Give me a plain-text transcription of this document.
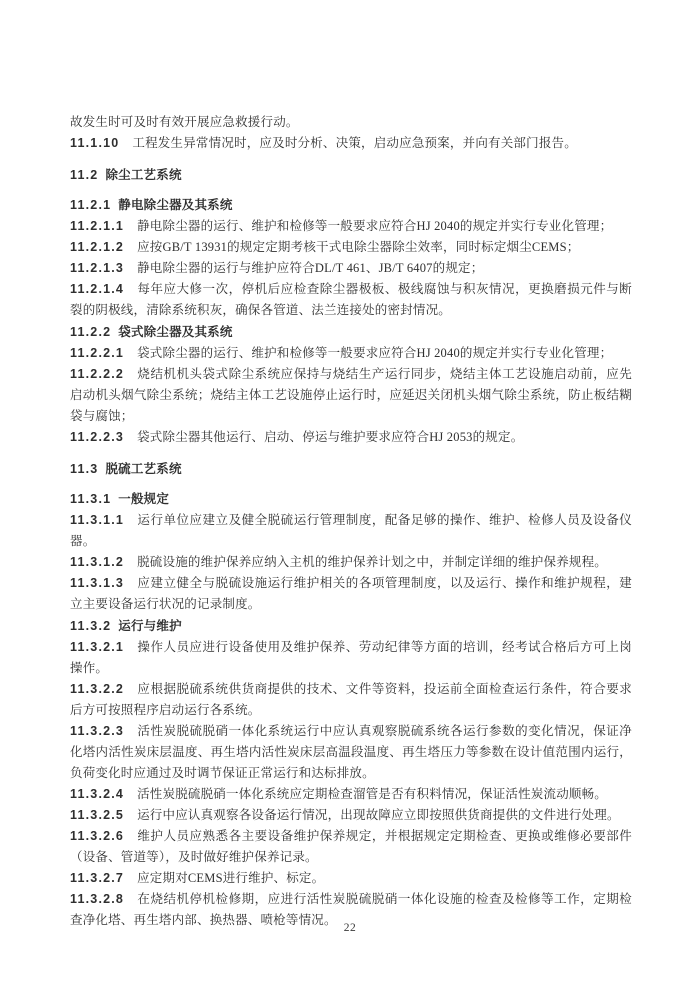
故发生时可及时有效开展应急救援行动。

11.1.10 工程发生异常情况时，应及时分析、决策，启动应急预案，并向有关部门报告。

11.2 除尘工艺系统

11.2.1 静电除尘器及其系统

11.2.1.1 静电除尘器的运行、维护和检修等一般要求应符合HJ 2040的规定并实行专业化管理；

11.2.1.2 应按GB/T 13931的规定定期考核干式电除尘器除尘效率，同时标定烟尘CEMS；

11.2.1.3 静电除尘器的运行与维护应符合DL/T 461、JB/T 6407的规定；

11.2.1.4 每年应大修一次，停机后应检查除尘器极板、极线腐蚀与积灰情况，更换磨损元件与断裂的阴极线，清除系统积灰，确保各管道、法兰连接处的密封情况。

11.2.2 袋式除尘器及其系统

11.2.2.1 袋式除尘器的运行、维护和检修等一般要求应符合HJ 2040的规定并实行专业化管理；

11.2.2.2 烧结机机头袋式除尘系统应保持与烧结生产运行同步，烧结主体工艺设施启动前，应先启动机头烟气除尘系统；烧结主体工艺设施停止运行时，应延迟关闭机头烟气除尘系统，防止板结糊袋与腐蚀；

11.2.2.3 袋式除尘器其他运行、启动、停运与维护要求应符合HJ 2053的规定。

11.3 脱硫工艺系统

11.3.1 一般规定

11.3.1.1 运行单位应建立及健全脱硫运行管理制度，配备足够的操作、维护、检修人员及设备仪器。

11.3.1.2 脱硫设施的维护保养应纳入主机的维护保养计划之中，并制定详细的维护保养规程。

11.3.1.3 应建立健全与脱硫设施运行维护相关的各项管理制度，以及运行、操作和维护规程，建立主要设备运行状况的记录制度。

11.3.2 运行与维护

11.3.2.1 操作人员应进行设备使用及维护保养、劳动纪律等方面的培训，经考试合格后方可上岗操作。

11.3.2.2 应根据脱硫系统供货商提供的技术、文件等资料，投运前全面检查运行条件，符合要求后方可按照程序启动运行各系统。

11.3.2.3 活性炭脱硫脱硝一体化系统运行中应认真观察脱硫系统各运行参数的变化情况，保证净化塔内活性炭床层温度、再生塔内活性炭床层高温段温度、再生塔压力等参数在设计值范围内运行，负荷变化时应通过及时调节保证正常运行和达标排放。

11.3.2.4 活性炭脱硫脱硝一体化系统应定期检查溜管是否有积料情况，保证活性炭流动顺畅。

11.3.2.5 运行中应认真观察各设备运行情况，出现故障应立即按照供货商提供的文件进行处理。

11.3.2.6 维护人员应熟悉各主要设备维护保养规定，并根据规定定期检查、更换或维修必要部件（设备、管道等），及时做好维护保养记录。

11.3.2.7 应定期对CEMS进行维护、标定。

11.3.2.8 在烧结机停机检修期，应进行活性炭脱硫脱硝一体化设施的检查及检修等工作，定期检查净化塔、再生塔内部、换热器、喷枪等情况。

22
